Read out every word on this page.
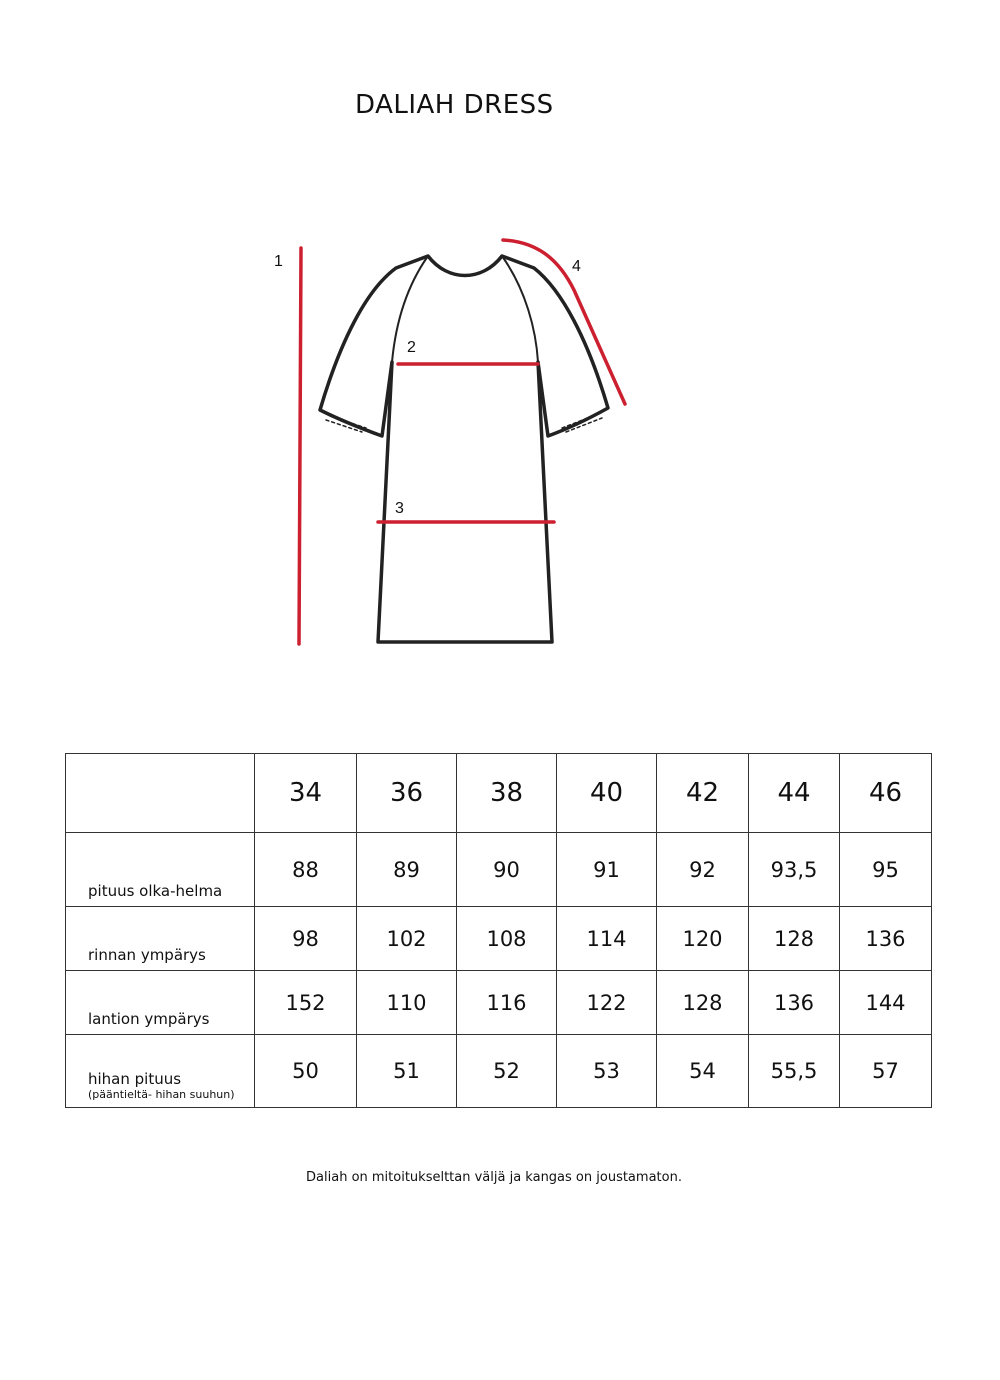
DALIAH DRESS
1
2
3
4
	34	36	38	40	42	44	46
pituus olka-helma	88	89	90	91	92	93,5	95
rinnan ympärys	98	102	108	114	120	128	136
lantion ympärys	152	110	116	122	128	136	144
hihan pituus
(pääntieltä- hihan suuhun)	50	51	52	53	54	55,5	57
Daliah on mitoitukselttan väljä ja kangas on joustamaton.
